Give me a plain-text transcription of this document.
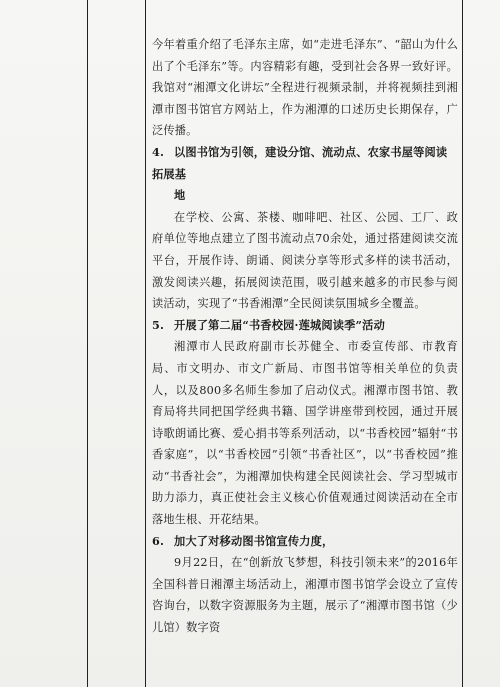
今年着重介绍了毛泽东主席，如“走进毛泽东”、“韶山为什么出了个毛泽东”等。内容精彩有趣，受到社会各界一致好评。我馆对“湘潭文化讲坛”全程进行视频录制，并将视频挂到湘潭市图书馆官方网站上，作为湘潭的口述历史长期保存，广泛传播。

4. 以图书馆为引领，建设分馆、流动点、农家书屋等阅读拓展基

地

在学校、公寓、茶楼、咖啡吧、社区、公园、工厂、政府单位等地点建立了图书流动点70余处，通过搭建阅读交流平台，开展作诗、朗诵、阅读分享等形式多样的读书活动，激发阅读兴趣，拓展阅读范围，吸引越来越多的市民参与阅读活动，实现了“书香湘潭”全民阅读氛围城乡全覆盖。

5. 开展了第二届“书香校园·莲城阅读季”活动

湘潭市人民政府副市长苏健全、市委宣传部、市教育局、市文明办、市文广新局、市图书馆等相关单位的负责人，以及800多名师生参加了启动仪式。湘潭市图书馆、教育局将共同把国学经典书籍、国学讲座带到校园，通过开展诗歌朗诵比赛、爱心捐书等系列活动，以“书香校园”辐射“书香家庭”，以“书香校园”引领“书香社区”，以“书香校园”推动“书香社会”，为湘潭加快构建全民阅读社会、学习型城市助力添力，真正使社会主义核心价值观通过阅读活动在全市落地生根、开花结果。

6. 加大了对移动图书馆宣传力度，

9月22日，在“创新放飞梦想，科技引领未来”的2016年全国科普日湘潭主场活动上，湘潭市图书馆学会设立了宣传咨询台，以数字资源服务为主题，展示了“湘潭市图书馆（少儿馆）数字资
